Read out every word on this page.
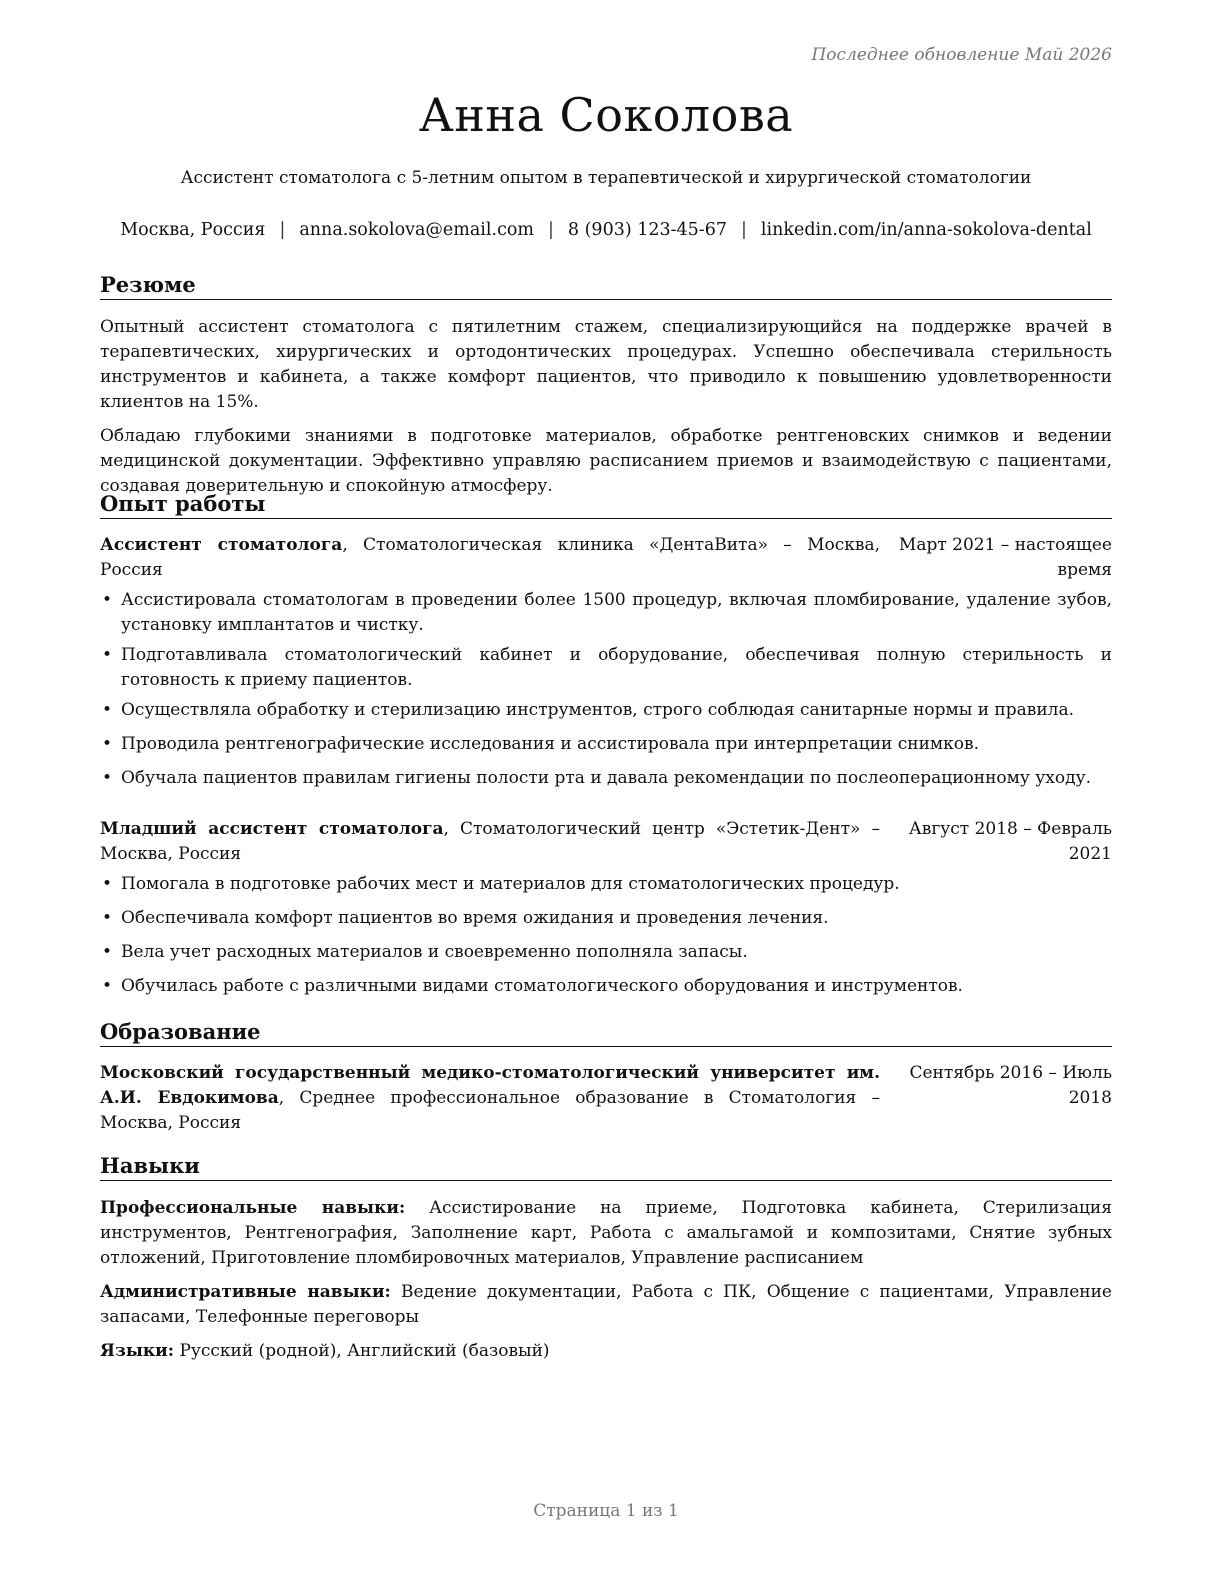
Последнее обновление Май 2026
Анна Соколова

Ассистент стоматолога с 5-летним опытом в терапевтической и хирургической стоматологии

Москва, Россия | anna.sokolova@email.com | 8 (903) 123-45-67 | linkedin.com/in/anna-sokolova-dental
Резюме

Опытный ассистент стоматолога с пятилетним стажем, специализирующийся на поддержке врачей в терапевтических, хирургических и ортодонтических процедурах. Успешно обеспечивала стерильность инструментов и кабинета, а также комфорт пациентов, что приводило к повышению удовлетворенности клиентов на 15%.

Обладаю глубокими знаниями в подготовке материалов, обработке рентгеновских снимков и ведении медицинской документации. Эффективно управляю расписанием приемов и взаимодействую с пациентами, создавая доверительную и спокойную атмосферу.

Опыт работы
Ассистент стоматолога, Стоматологическая клиника «ДентаВита» – Москва, Россия
Март 2021 – настоящее
время
• Ассистировала стоматологам в проведении более 1500 процедур, включая пломбирование, удаление зубов, установку имплантатов и чистку.
• Подготавливала стоматологический кабинет и оборудование, обеспечивая полную стерильность и готовность к приему пациентов.
• Осуществляла обработку и стерилизацию инструментов, строго соблюдая санитарные нормы и правила.
• Проводила рентгенографические исследования и ассистировала при интерпретации снимков.
• Обучала пациентов правилам гигиены полости рта и давала рекомендации по послеоперационному уходу.
Младший ассистент стоматолога, Стоматологический центр «Эстетик-Дент» – Москва, Россия
Август 2018 – Февраль
2021
• Помогала в подготовке рабочих мест и материалов для стоматологических процедур.
• Обеспечивала комфорт пациентов во время ожидания и проведения лечения.
• Вела учет расходных материалов и своевременно пополняла запасы.
• Обучилась работе с различными видами стоматологического оборудования и инструментов.
Образование
Московский государственный медико-стоматологический университет им. А.И. Евдокимова, Среднее профессиональное образование в Стоматология – Москва, Россия
Сентябрь 2016 – Июль
2018
Навыки

Профессиональные навыки: Ассистирование на приеме, Подготовка кабинета, Стерилизация инструментов, Рентгенография, Заполнение карт, Работа с амальгамой и композитами, Снятие зубных отложений, Приготовление пломбировочных материалов, Управление расписанием

Административные навыки: Ведение документации, Работа с ПК, Общение с пациентами, Управление запасами, Телефонные переговоры

Языки: Русский (родной), Английский (базовый)

Страница 1 из 1
